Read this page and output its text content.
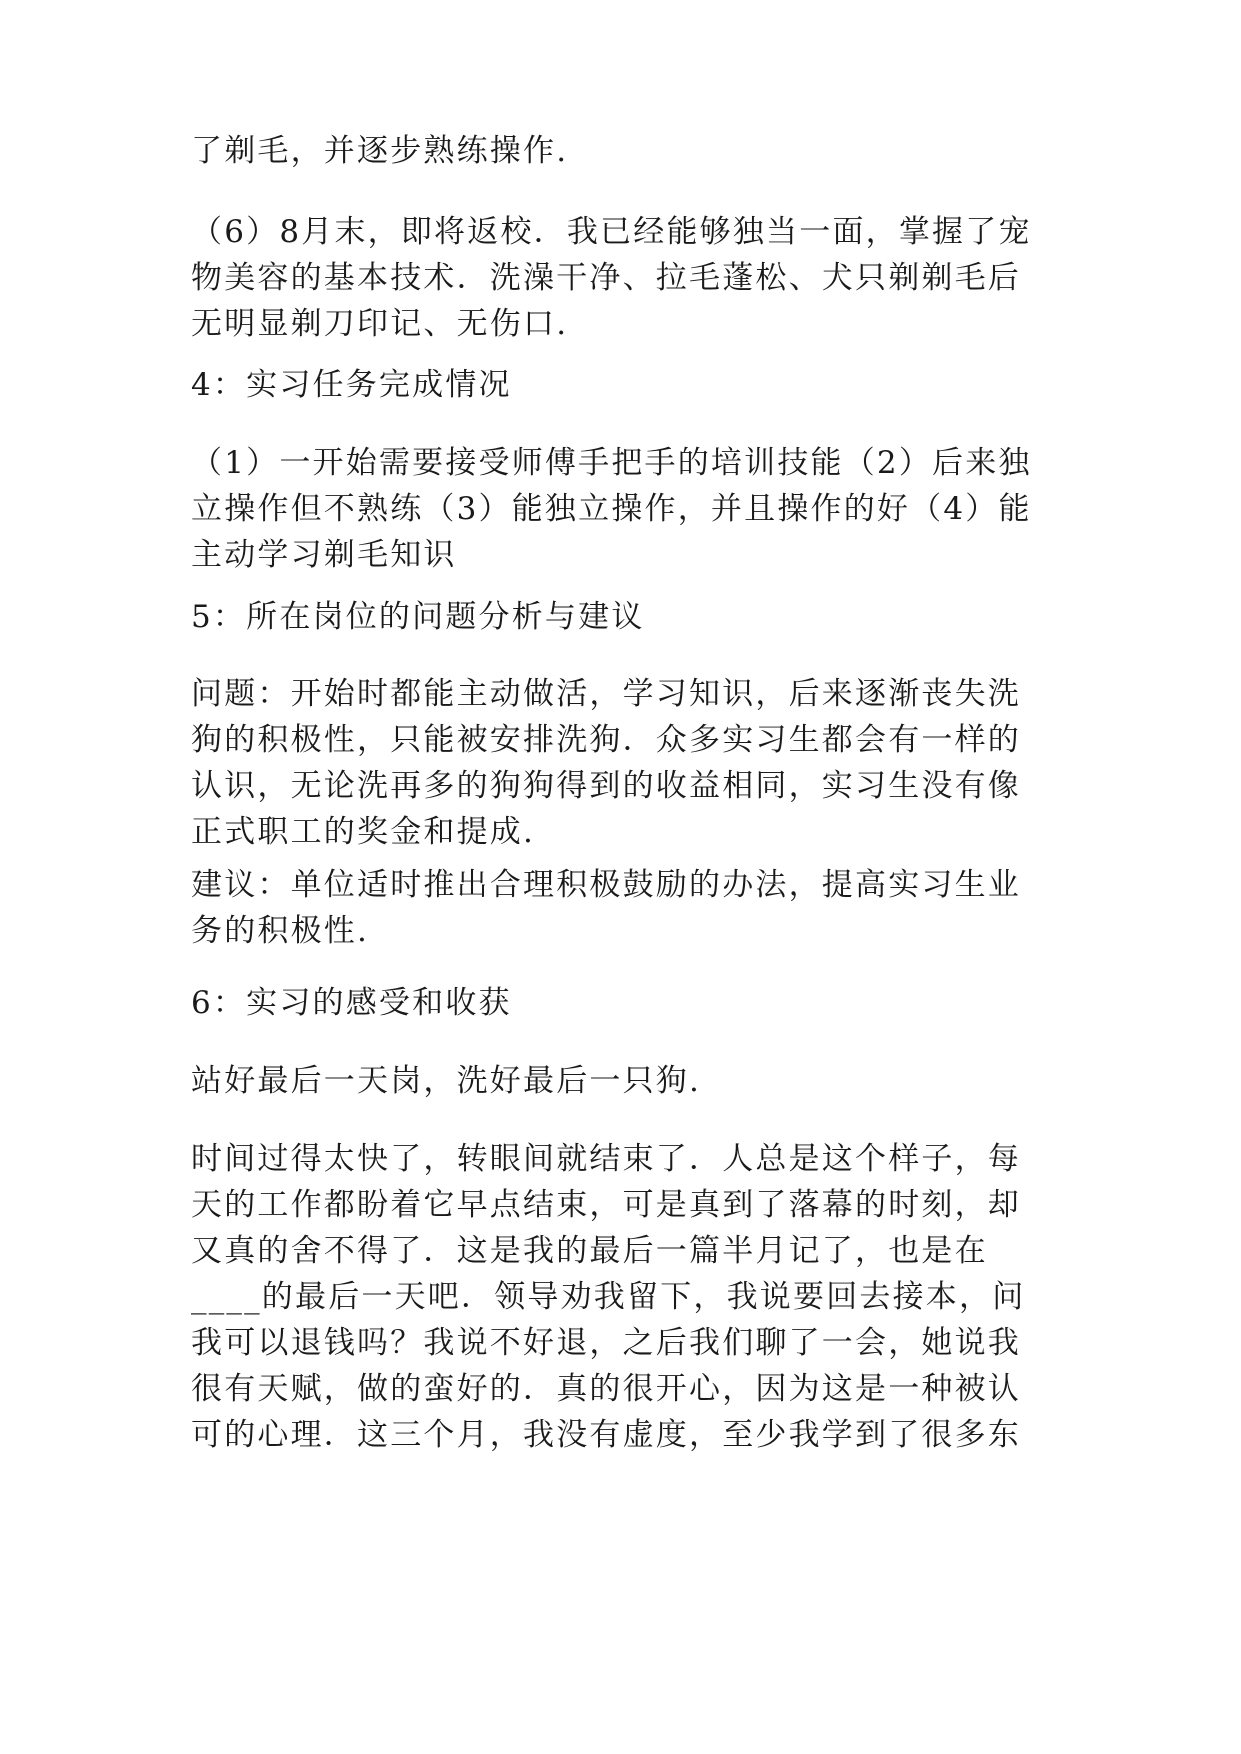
了剃毛，并逐步熟练操作.

（6）8月末，即将返校．我已经能够独当一面，掌握了宠
物美容的基本技术．洗澡干净、拉毛蓬松、犬只剃剃毛后
无明显剃刀印记、无伤口.

4：实习任务完成情况

（1）一开始需要接受师傅手把手的培训技能（2）后来独
立操作但不熟练（3）能独立操作，并且操作的好（4）能
主动学习剃毛知识

5：所在岗位的问题分析与建议

问题：开始时都能主动做活，学习知识，后来逐渐丧失洗
狗的积极性，只能被安排洗狗．众多实习生都会有一样的
认识，无论洗再多的狗狗得到的收益相同，实习生没有像
正式职工的奖金和提成.

建议：单位适时推出合理积极鼓励的办法，提高实习生业
务的积极性.

6：实习的感受和收获

站好最后一天岗，洗好最后一只狗.

时间过得太快了，转眼间就结束了．人总是这个样子，每
天的工作都盼着它早点结束，可是真到了落幕的时刻，却
又真的舍不得了．这是我的最后一篇半月记了，也是在
____的最后一天吧．领导劝我留下，我说要回去接本，问
我可以退钱吗？我说不好退，之后我们聊了一会，她说我
很有天赋，做的蛮好的．真的很开心，因为这是一种被认
可的心理．这三个月，我没有虚度，至少我学到了很多东
